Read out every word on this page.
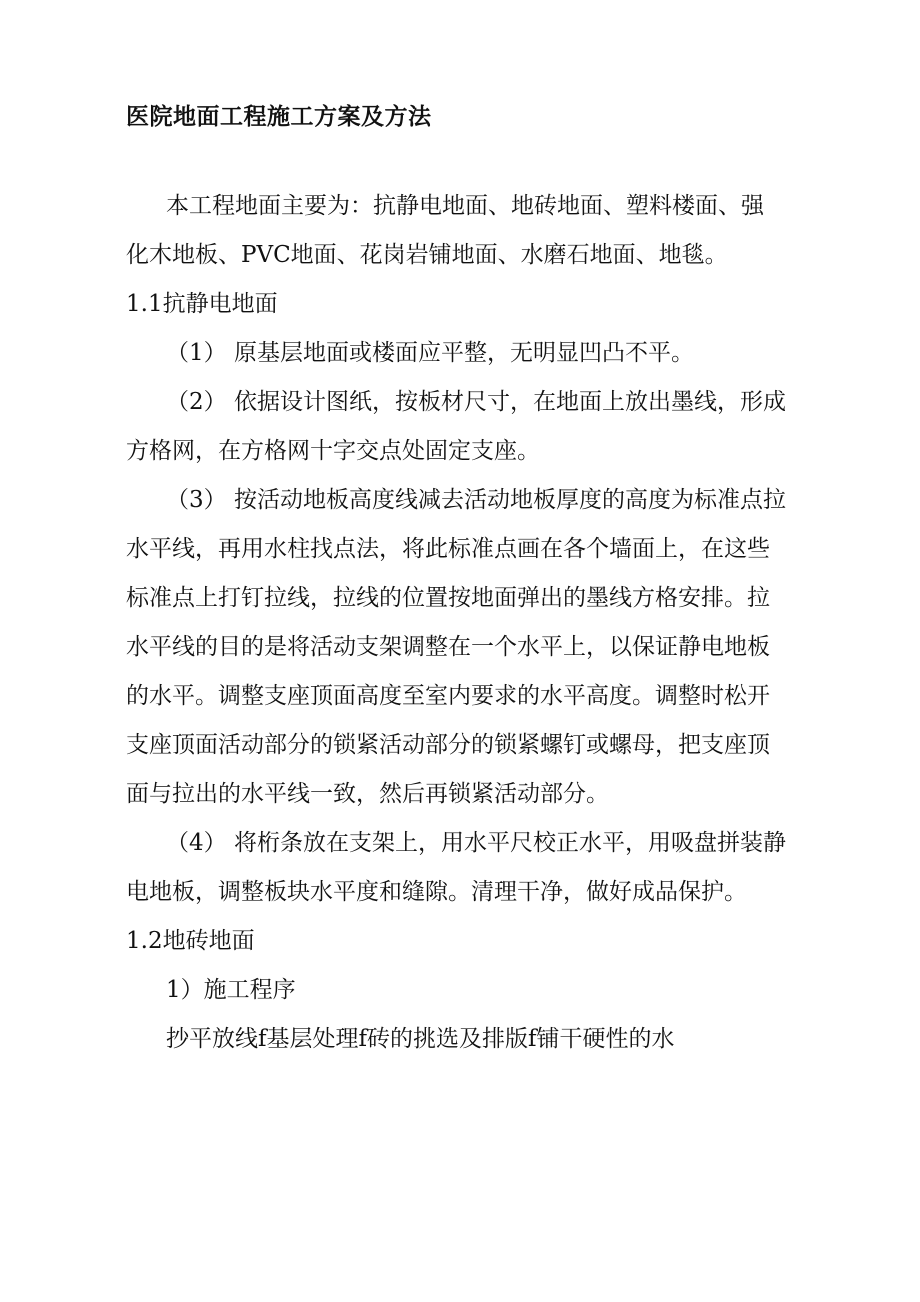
医院地面工程施工方案及方法

本工程地面主要为：抗静电地面、地砖地面、塑料楼面、强化木地板、PVC地面、花岗岩铺地面、水磨石地面、地毯。

1.1抗静电地面

（1） 原基层地面或楼面应平整，无明显凹凸不平。

（2） 依据设计图纸，按板材尺寸，在地面上放出墨线，形成方格网，在方格网十字交点处固定支座。

（3） 按活动地板高度线减去活动地板厚度的高度为标准点拉水平线，再用水柱找点法，将此标准点画在各个墙面上，在这些标准点上打钉拉线，拉线的位置按地面弹出的墨线方格安排。拉水平线的目的是将活动支架调整在一个水平上，以保证静电地板的水平。调整支座顶面高度至室内要求的水平高度。调整时松开支座顶面活动部分的锁紧活动部分的锁紧螺钉或螺母，把支座顶面与拉出的水平线一致，然后再锁紧活动部分。

（4） 将桁条放在支架上，用水平尺校正水平，用吸盘拼装静电地板，调整板块水平度和缝隙。清理干净，做好成品保护。

1.2地砖地面

1）施工程序

抄平放线f基层处理f砖的挑选及排版f铺干硬性的水
